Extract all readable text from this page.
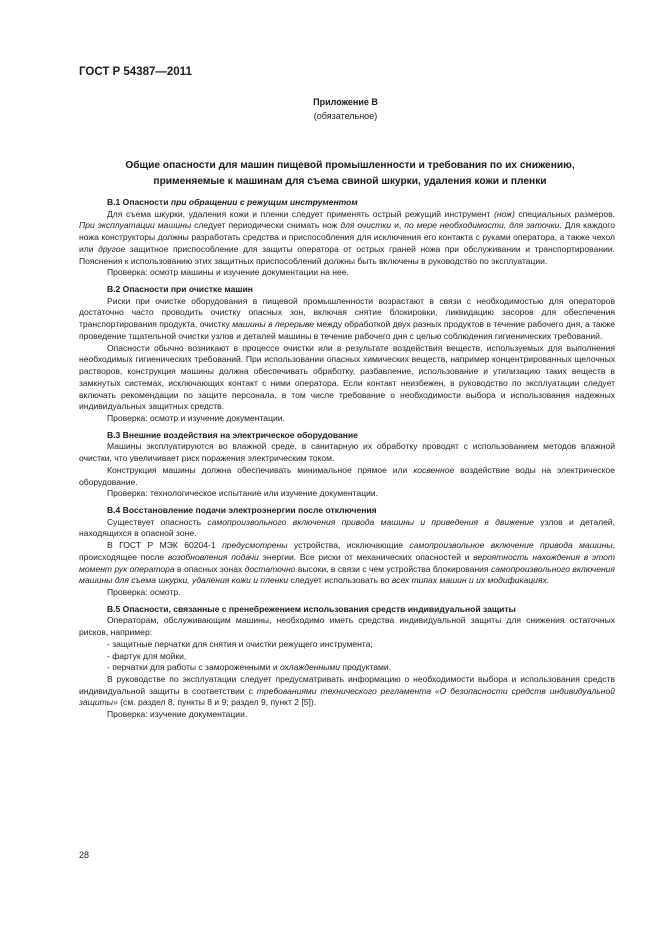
ГОСТ Р 54387—2011
Приложение В
(обязательное)
Общие опасности для машин пищевой промышленности и требования по их снижению,
применяемые к машинам для съема свиной шкурки, удаления кожи и пленки

В.1 Опасности при обращении с режущим инструментом

Для съема шкурки, удаления кожи и пленки следует применять острый режущий инструмент (нож) специальных размеров. При эксплуатации машины следует периодически снимать нож для очистки и, по мере необходимости, для заточки. Для каждого ножа конструкторы должны разработать средства и приспособления для исключения его контакта с руками оператора, а также чехол или другое защитное приспособление для защиты оператора от острых граней ножа при обслуживании и транспортировании. Пояснения к использованию этих защитных приспособлений должны быть включены в руководство по эксплуатации.

Проверка: осмотр машины и изучение документации на нее.

В.2 Опасности при очистке машин

Риски при очистке оборудования в пищевой промышленности возрастают в связи с необходимостью для операторов достаточно часто проводить очистку опасных зон, включая снятие блокировки, ликвидацию засоров для обеспечения транспортирования продукта, очистку машины в перерыве между обработкой двух разных продуктов в течение рабочего дня, а также проведение тщательной очистки узлов и деталей машины в течение рабочего дня с целью соблюдения гигиенических требований.

Опасности обычно возникают в процессе очистки или в результате воздействия веществ, используемых для выполнения необходимых гигиенических требований. При использовании опасных химических веществ, например концентрированных щелочных растворов, конструкция машины должна обеспечивать обработку, разбавление, использование и утилизацию таких веществ в замкнутых системах, исключающих контакт с ними оператора. Если контакт неизбежен, в руководство по эксплуатации следует включать рекомендации по защите персонала, в том числе требование о необходимости выбора и использования надежных индивидуальных защитных средств.

Проверка: осмотр и изучение документации.

В.3 Внешние воздействия на электрическое оборудование

Машины эксплуатируются во влажной среде, в санитарную их обработку проводят с использованием методов влажной очистки, что увеличивает риск поражения электрическим током.

Конструкция машины должна обеспечивать минимальное прямое или косвенное воздействие воды на электрическое оборудование.

Проверка: технологическое испытание или изучение документации.

В.4 Восстановление подачи электроэнергии после отключения

Существует опасность самопроизвольного включения привода машины и приведения в движение узлов и деталей, находящихся в опасной зоне.

В ГОСТ Р МЭК 60204-1 предусмотрены устройства, исключающие самопроизвольное включение привода машины, происходящее после возобновления подачи энергии. Все риски от механических опасностей и вероятность нахождения в этот момент рук оператора в опасных зонах достаточно высоки, в связи с чем устройства блокирования самопроизвольного включения машины для съема шкурки, удаления кожи и пленки следует использовать во всех типах машин и их модификациях.

Проверка: осмотр.

В.5 Опасности, связанные с пренебрежением использования средств индивидуальной защиты

Операторам, обслуживающим машины, необходимо иметь средства индивидуальной защиты для снижения остаточных рисков, например:

- защитные перчатки для снятия и очистки режущего инструмента;

- фартук для мойки,

- перчатки для работы с замороженными и охлажденными продуктами.

В руководстве по эксплуатации следует предусматривать информацию о необходимости выбора и использования средств индивидуальной защиты в соответствии с требованиями технического регламента «О безопасности средств индивидуальной защиты» (см. раздел 8, пункты 8 и 9; раздел 9, пункт 2 [5]).

Проверка: изучение документации.

28
